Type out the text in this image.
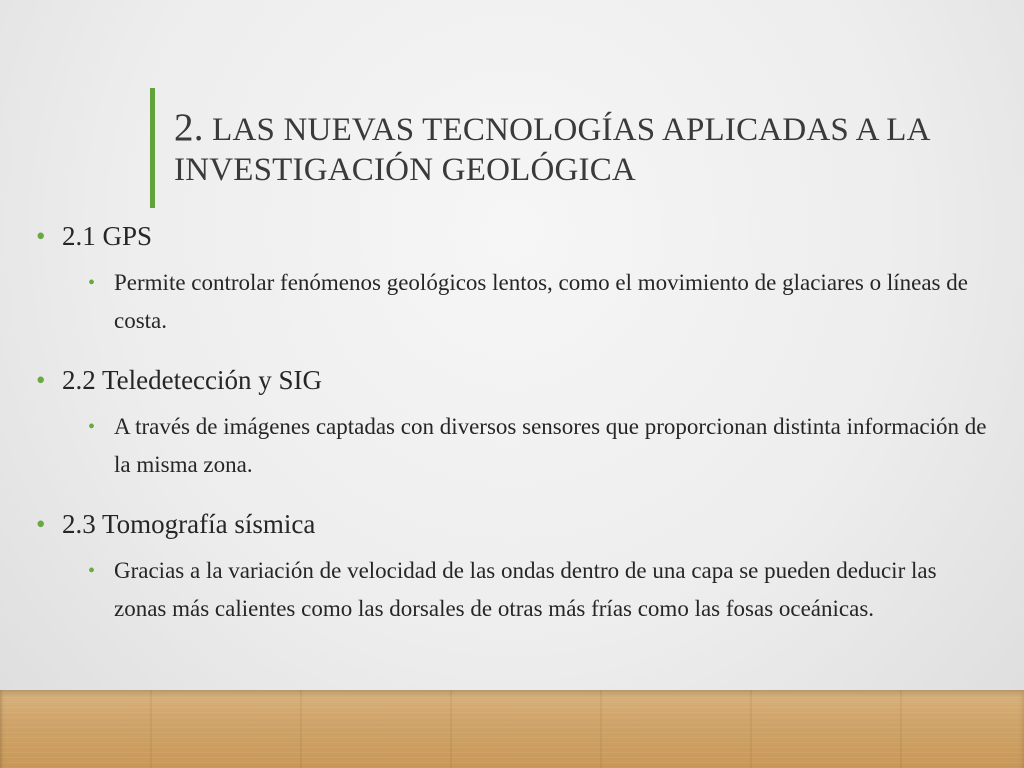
2. LAS NUEVAS TECNOLOGÍAS APLICADAS A LA INVESTIGACIÓN GEOLÓGICA
• 2.1 GPS
• Permite controlar fenómenos geológicos lentos, como el movimiento de glaciares o líneas de costa.
• 2.2 Teledetección y SIG
• A través de imágenes captadas con diversos sensores que proporcionan distinta información de la misma zona.
• 2.3 Tomografía sísmica
• Gracias a la variación de velocidad de las ondas dentro de una capa se pueden deducir las zonas más calientes como las dorsales de otras más frías como las fosas oceánicas.
